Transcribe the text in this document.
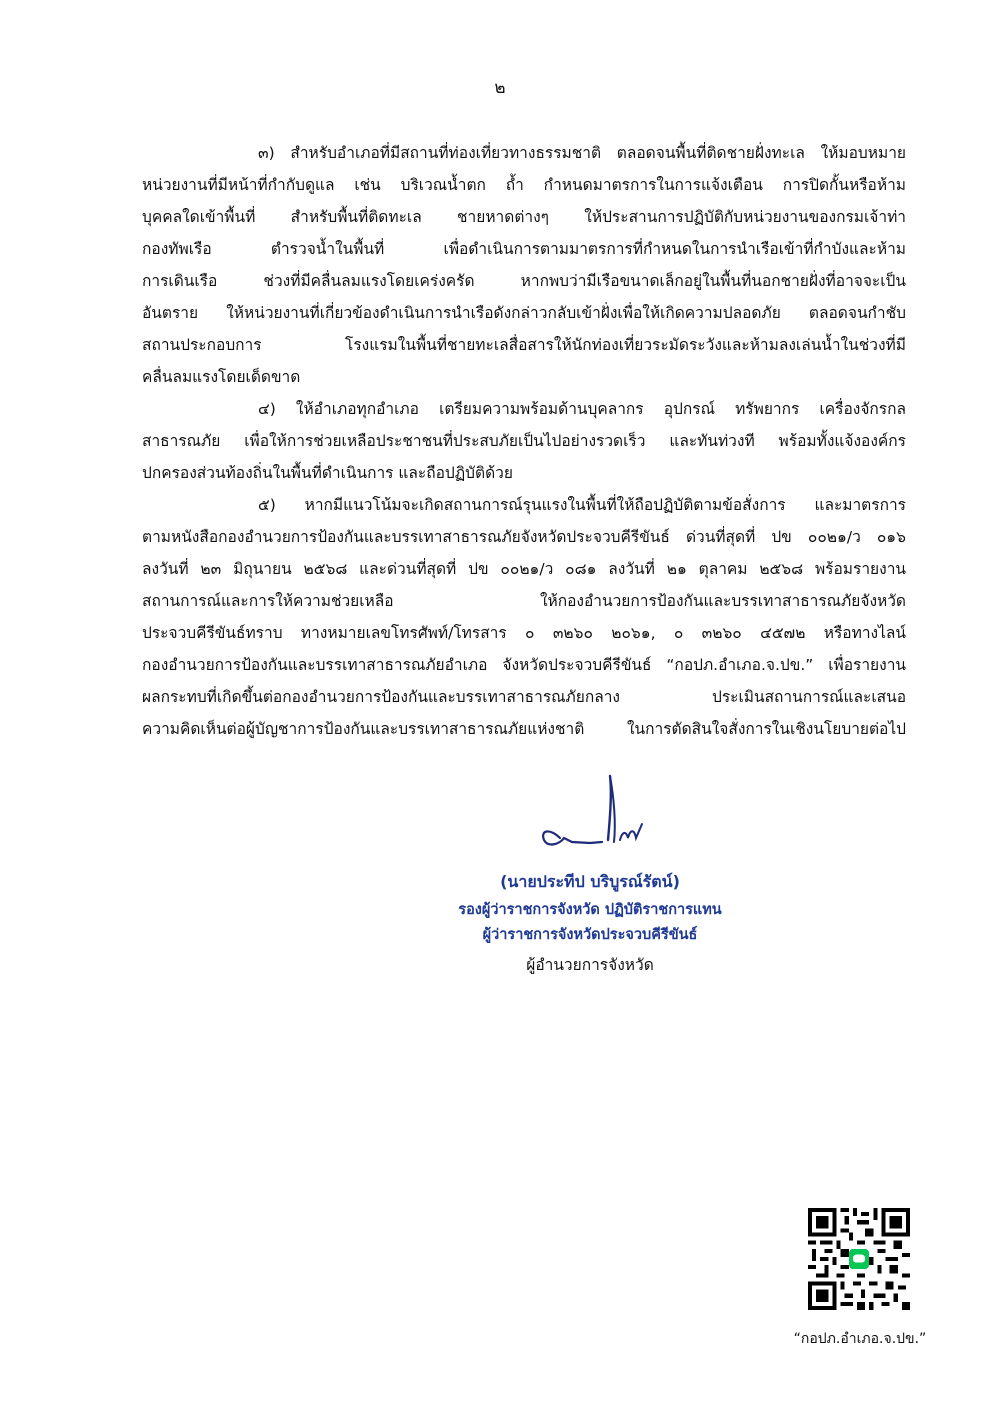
๒
๓) สำหรับอำเภอที่มีสถานที่ท่องเที่ยวทางธรรมชาติ ตลอดจนพื้นที่ติดชายฝั่งทะเล ให้มอบหมาย
หน่วยงานที่มีหน้าที่กำกับดูแล เช่น บริเวณน้ำตก ถ้ำ กำหนดมาตรการในการแจ้งเตือน การปิดกั้นหรือห้าม
บุคคลใดเข้าพื้นที่ สำหรับพื้นที่ติดทะเล ชายหาดต่างๆ ให้ประสานการปฏิบัติกับหน่วยงานของกรมเจ้าท่า
กองทัพเรือ ตำรวจน้ำในพื้นที่ เพื่อดำเนินการตามมาตรการที่กำหนดในการนำเรือเข้าที่กำบังและห้าม
การเดินเรือ ช่วงที่มีคลื่นลมแรงโดยเคร่งครัด หากพบว่ามีเรือขนาดเล็กอยู่ในพื้นที่นอกชายฝั่งที่อาจจะเป็น
อันตราย ให้หน่วยงานที่เกี่ยวข้องดำเนินการนำเรือดังกล่าวกลับเข้าฝั่งเพื่อให้เกิดความปลอดภัย ตลอดจนกำชับ
สถานประกอบการ โรงแรมในพื้นที่ชายทะเลสื่อสารให้นักท่องเที่ยวระมัดระวังและห้ามลงเล่นน้ำในช่วงที่มี
คลื่นลมแรงโดยเด็ดขาด
๔) ให้อำเภอทุกอำเภอ เตรียมความพร้อมด้านบุคลากร อุปกรณ์ ทรัพยากร เครื่องจักรกล
สาธารณภัย เพื่อให้การช่วยเหลือประชาชนที่ประสบภัยเป็นไปอย่างรวดเร็ว และทันท่วงที พร้อมทั้งแจ้งองค์กร
ปกครองส่วนท้องถิ่นในพื้นที่ดำเนินการ และถือปฏิบัติด้วย
๕) หากมีแนวโน้มจะเกิดสถานการณ์รุนแรงในพื้นที่ให้ถือปฏิบัติตามข้อสั่งการ และมาตรการ
ตามหนังสือกองอำนวยการป้องกันและบรรเทาสาธารณภัยจังหวัดประจวบคีรีขันธ์ ด่วนที่สุดที่ ปข ๐๐๒๑/ว ๐๑๖
ลงวันที่ ๒๓ มิถุนายน ๒๕๖๘ และด่วนที่สุดที่ ปข ๐๐๒๑/ว ๐๘๑ ลงวันที่ ๒๑ ตุลาคม ๒๕๖๘ พร้อมรายงาน
สถานการณ์และการให้ความช่วยเหลือ ให้กองอำนวยการป้องกันและบรรเทาสาธารณภัยจังหวัด
ประจวบคีรีขันธ์ทราบ ทางหมายเลขโทรศัพท์/โทรสาร ๐ ๓๒๖๐ ๒๐๖๑, ๐ ๓๒๖๐ ๔๕๗๒ หรือทางไลน์
กองอำนวยการป้องกันและบรรเทาสาธารณภัยอำเภอ จังหวัดประจวบคีรีขันธ์ “กอปภ.อำเภอ.จ.ปข.” เพื่อรายงาน
ผลกระทบที่เกิดขึ้นต่อกองอำนวยการป้องกันและบรรเทาสาธารณภัยกลาง ประเมินสถานการณ์และเสนอ
ความคิดเห็นต่อผู้บัญชาการป้องกันและบรรเทาสาธารณภัยแห่งชาติ ในการตัดสินใจสั่งการในเชิงนโยบายต่อไป
(นายประทีป บริบูรณ์รัตน์)
รองผู้ว่าราชการจังหวัด ปฏิบัติราชการแทน
ผู้ว่าราชการจังหวัดประจวบคีรีขันธ์
ผู้อำนวยการจังหวัด
“กอปภ.อำเภอ.จ.ปข.”
